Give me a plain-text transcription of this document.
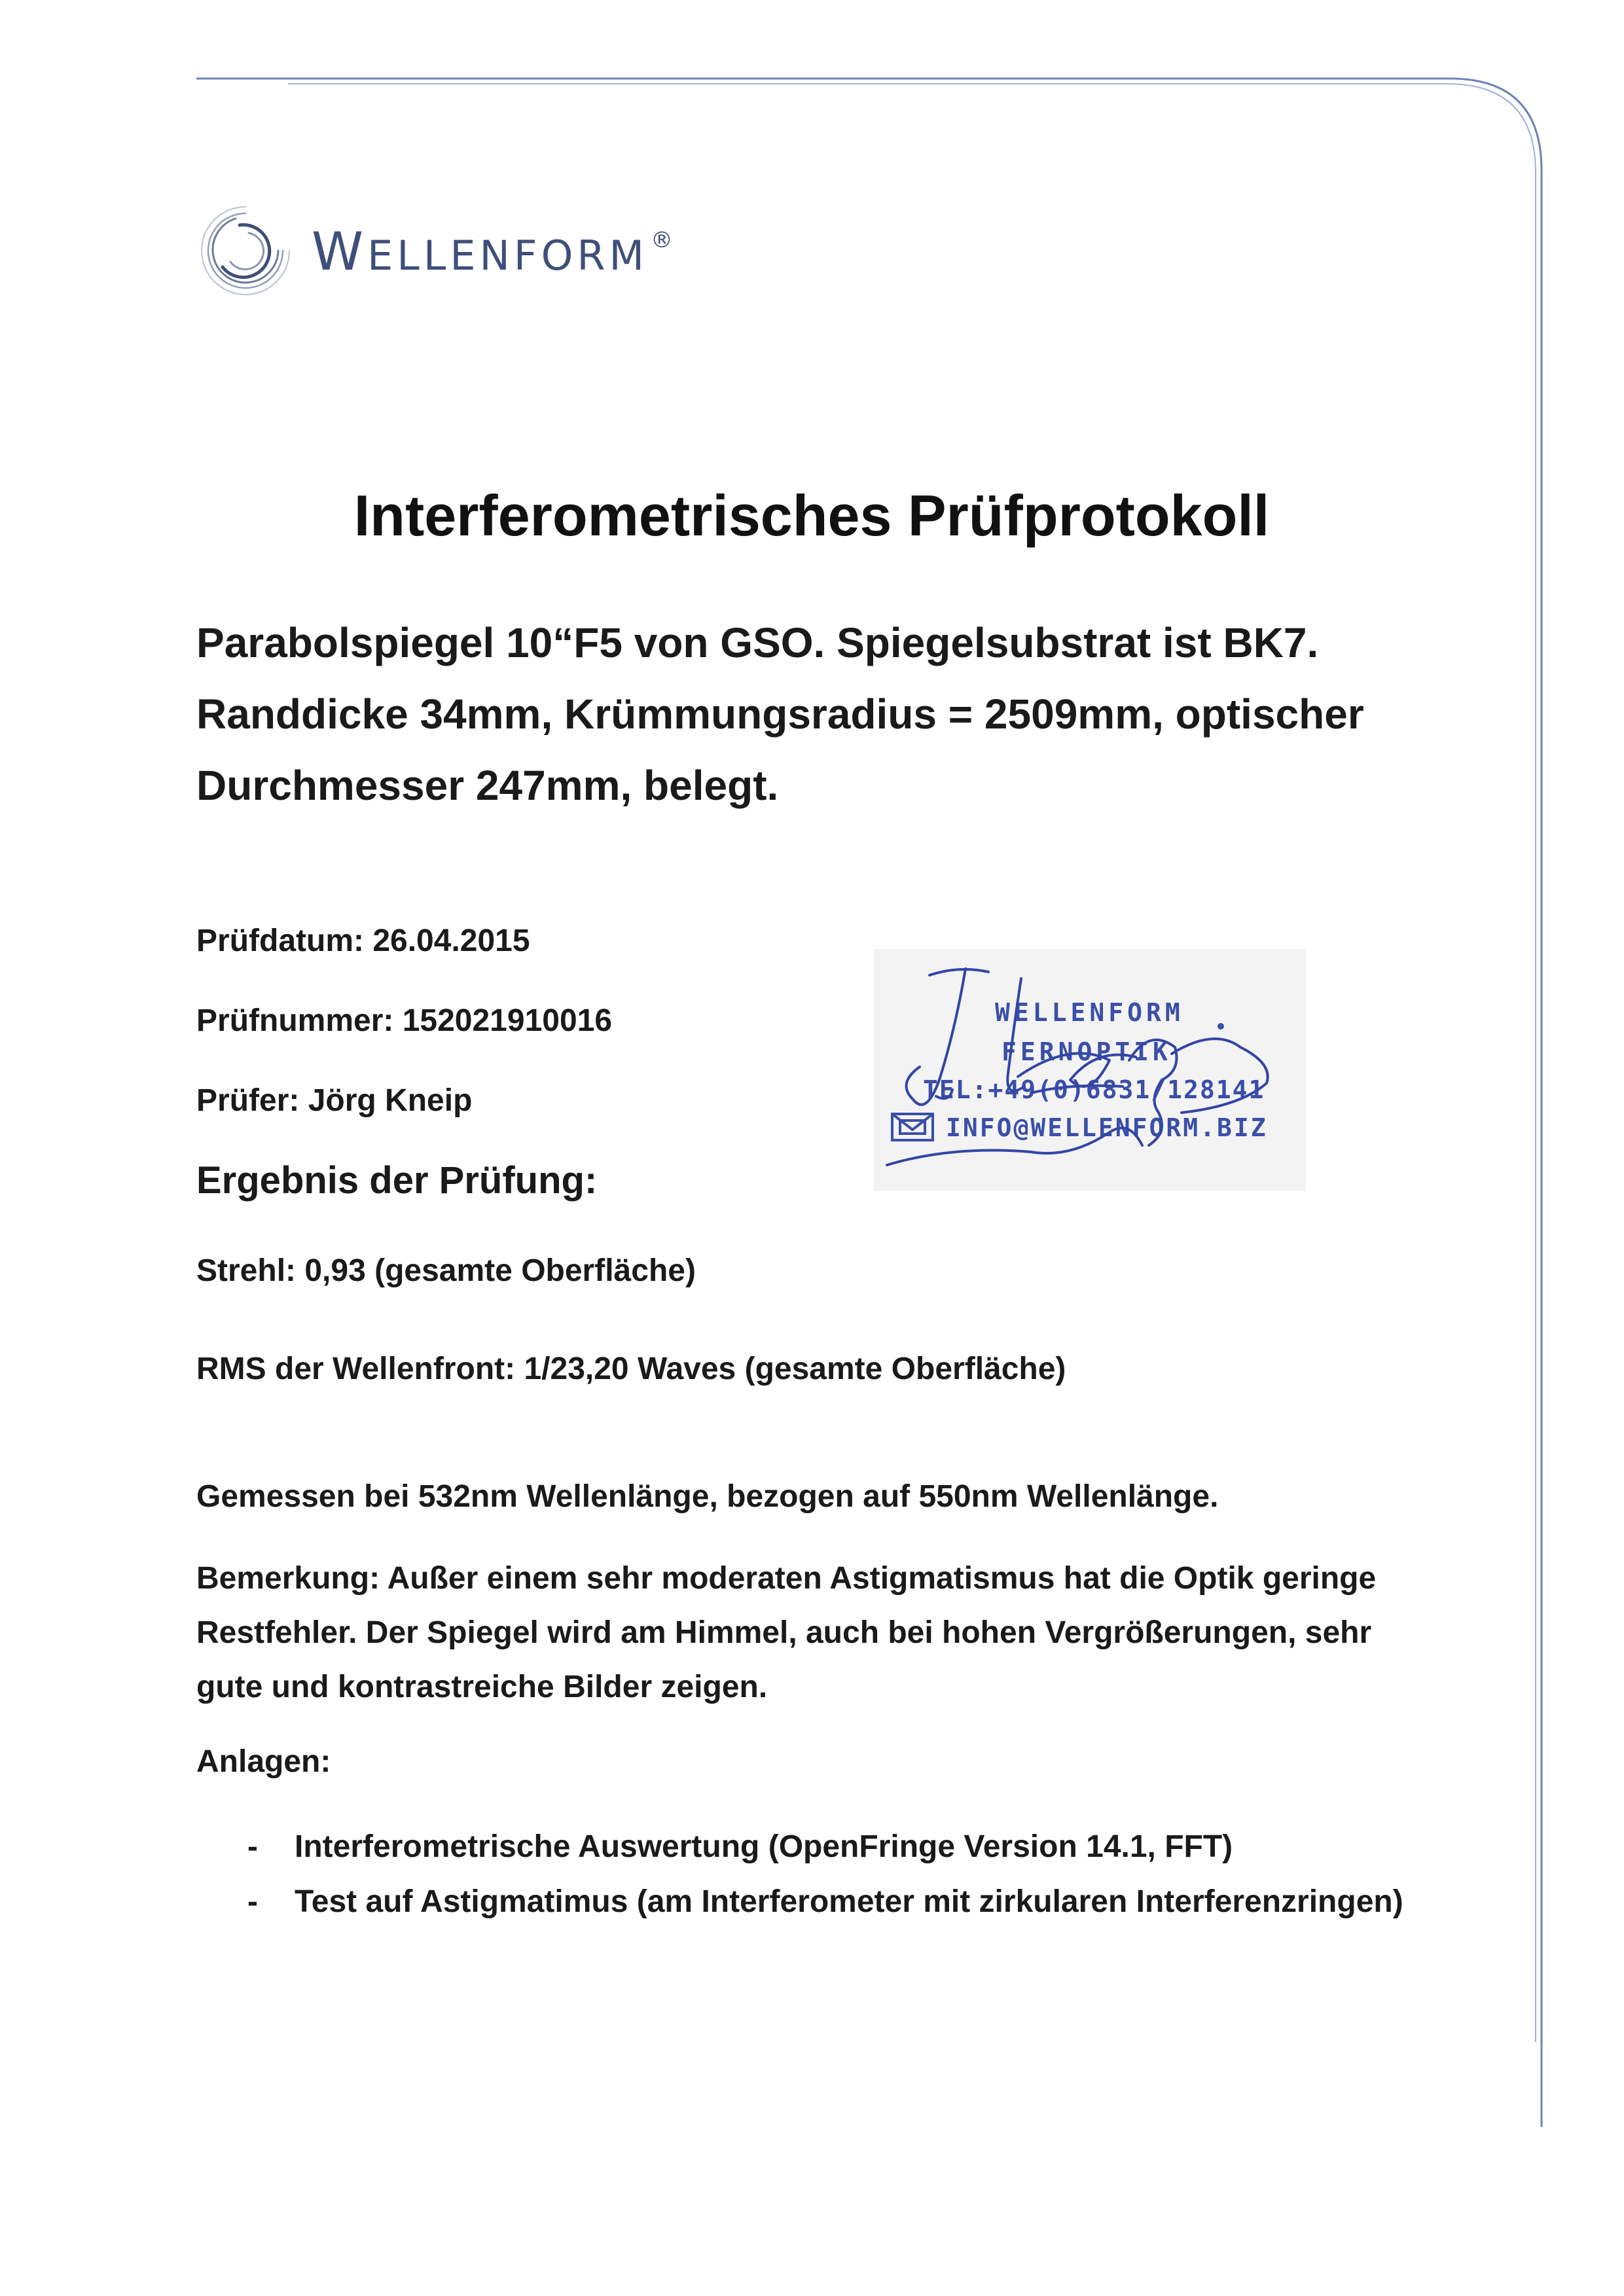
WELLENFORM ®
Interferometrisches Prüfprotokoll

Parabolspiegel 10“F5 von GSO. Spiegelsubstrat ist BK7. Randdicke 34mm, Krümmungsradius = 2509mm, optischer Durchmesser 247mm, belegt.

Prüfdatum: 26.04.2015

Prüfnummer: 152021910016

Prüfer: Jörg Kneip

Ergebnis der Prüfung:

Strehl: 0,93 (gesamte Oberfläche)

RMS der Wellenfront: 1/23,20 Waves (gesamte Oberfläche)

Gemessen bei 532nm Wellenlänge, bezogen auf 550nm Wellenlänge.

Bemerkung: Außer einem sehr moderaten Astigmatismus hat die Optik geringe Restfehler. Der Spiegel wird am Himmel, auch bei hohen Vergrößerungen, sehr gute und kontrastreiche Bilder zeigen.

Anlagen:

- Interferometrische Auswertung (OpenFringe Version 14.1, FFT)
- Test auf Astigmatimus (am Interferometer mit zirkularen Interferenzringen)
WELLENFORM
FERNOPTIK
TEL:+49(0)6831/128141
INFO@WELLENFORM.BIZ
